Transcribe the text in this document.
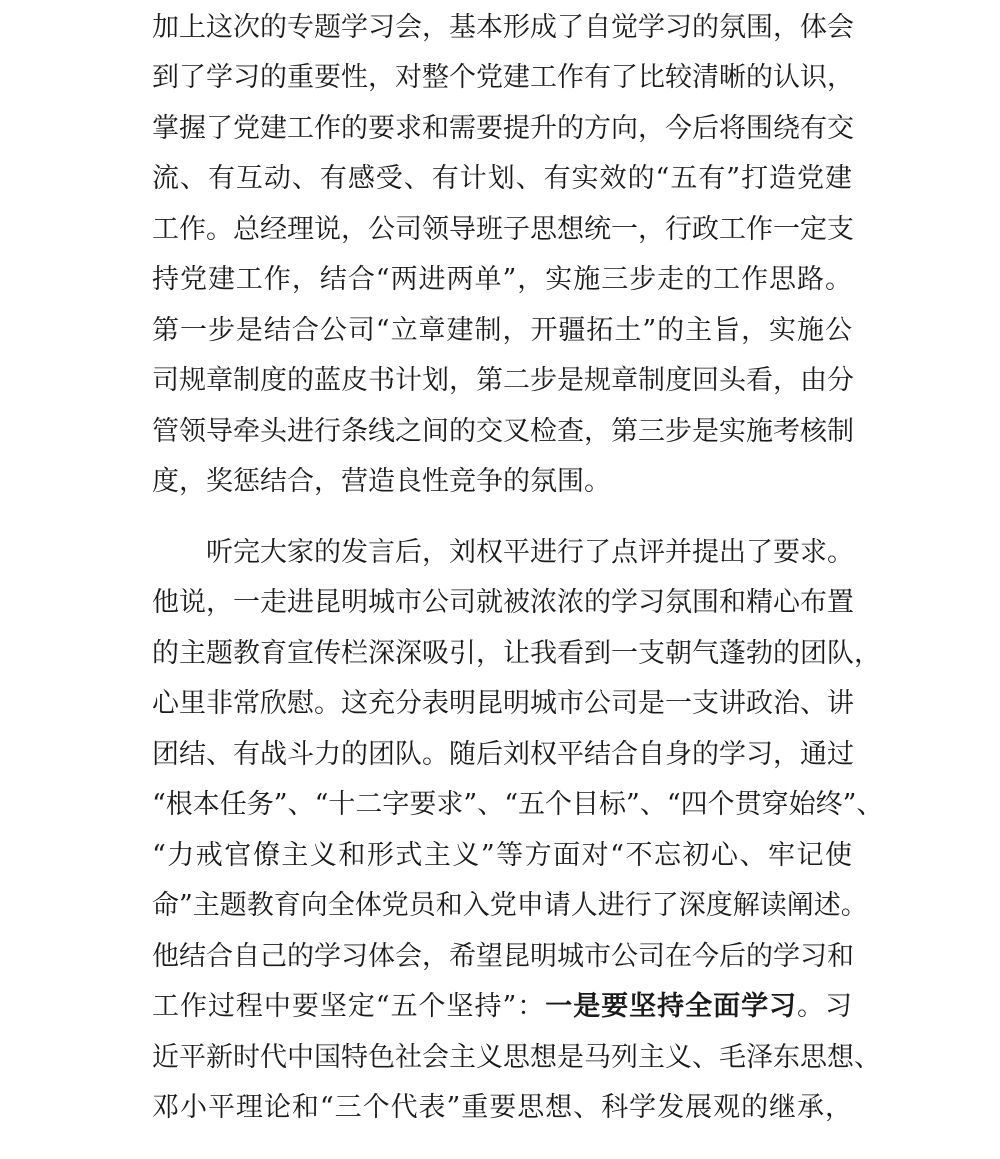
加上这次的专题学习会，基本形成了自觉学习的氛围，体会
到了学习的重要性，对整个党建工作有了比较清晰的认识，
掌握了党建工作的要求和需要提升的方向，今后将围绕有交
流、有互动、有感受、有计划、有实效的“五有”打造党建
工作。总经理说，公司领导班子思想统一，行政工作一定支
持党建工作，结合“两进两单”，实施三步走的工作思路。
第一步是结合公司“立章建制，开疆拓土”的主旨，实施公
司规章制度的蓝皮书计划，第二步是规章制度回头看，由分
管领导牵头进行条线之间的交叉检查，第三步是实施考核制
度，奖惩结合，营造良性竞争的氛围。
听完大家的发言后，刘权平进行了点评并提出了要求。
他说，一走进昆明城市公司就被浓浓的学习氛围和精心布置
的主题教育宣传栏深深吸引，让我看到一支朝气蓬勃的团队，
心里非常欣慰。这充分表明昆明城市公司是一支讲政治、讲
团结、有战斗力的团队。随后刘权平结合自身的学习，通过
“根本任务”、“十二字要求”、“五个目标”、“四个贯穿始终”、
“力戒官僚主义和形式主义”等方面对“不忘初心、牢记使
命”主题教育向全体党员和入党申请人进行了深度解读阐述。
他结合自己的学习体会，希望昆明城市公司在今后的学习和
工作过程中要坚定“五个坚持”：一是要坚持全面学习。习
近平新时代中国特色社会主义思想是马列主义、毛泽东思想、
邓小平理论和“三个代表”重要思想、科学发展观的继承，
